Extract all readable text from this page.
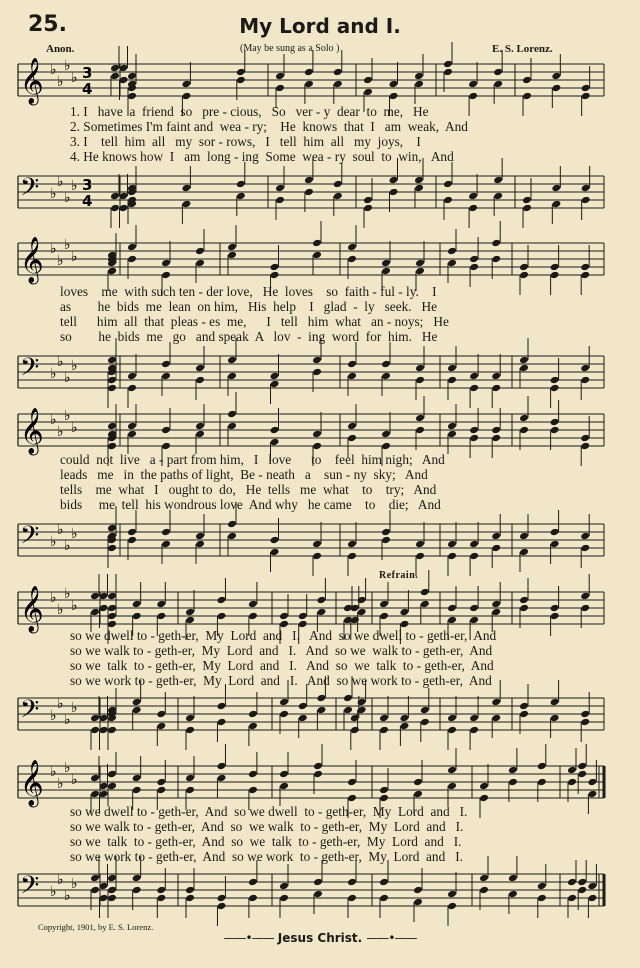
25.	My Lord and I.
Anon.	(May be sung as a Solo )	E. S. Lorenz.
𝄞 ♭
♭
♭
♭ 3
4
1. I   have  a  friend  so   pre - cious,   So   ver - y  dear  to  me,   He
2. Sometimes I'm faint and  wea - ry;    He  knows  that  I   am  weak,  And
3. I    tell  him  all   my  sor - rows,   I   tell  him  all   my  joys,    I
4. He knows how  I   am  long - ing  Some  wea - ry  soul  to  win,   And
𝄢 ♭
♭
♭
♭ 3
4
𝄞 ♭
♭
♭
♭
loves    me  with such ten - der love,   He  loves    so  faith - ful - ly.    I
as        he  bids  me  lean  on him,   His  help    I   glad  -  ly   seek.   He
tell      him  all  that  pleas - es  me,      I   tell   him  what   an - noys;   He
so        he  bids  me   go   and speak  A   lov  -  ing  word  for  him.   He
𝄢 ♭
♭
♭
♭
𝄞 ♭
♭
♭
♭
could  not  live   a - part from him,   I   love      to    feel  him nigh;   And
leads   me   in  the paths of light,  Be - neath   a    sun - ny  sky;   And
tells    me  what   I   ought to  do,   He  tells   me  what    to    try;   And
bids     me  tell  his wondrous love  And why   he came    to    die;   And
𝄢 ♭
♭
♭
♭
Refrain.
𝄞 ♭
♭
♭
♭
so we dwell to - geth-er,  My  Lord  and   I.   And  so we dwell to - geth-er,  And
so we walk to - geth-er,  My  Lord  and   I.   And  so we  walk to - geth-er,  And
so we  talk  to - geth-er,  My  Lord  and   I.   And  so  we  talk  to - geth-er,  And
so we work to - geth-er,  My  Lord  and   I.   And  so we work to - geth-er,  And
𝄢 ♭
♭
♭
♭
𝄞 ♭
♭
♭
♭
so we dwell to - geth-er,  And  so we dwell  to - geth-er,  My  Lord  and   I.
so we walk to - geth-er,  And  so  we walk  to - geth-er,  My  Lord  and   I.
so we  talk  to - geth-er,  And  so  we  talk  to - geth-er,  My  Lord  and   I.
so we work to - geth-er,  And  so we work  to - geth-er,  My  Lord  and   I.
𝄢 ♭
♭
♭
♭
Copyright, 1901, by E. S. Lorenz.
——•—— Jesus Christ. ——•——
